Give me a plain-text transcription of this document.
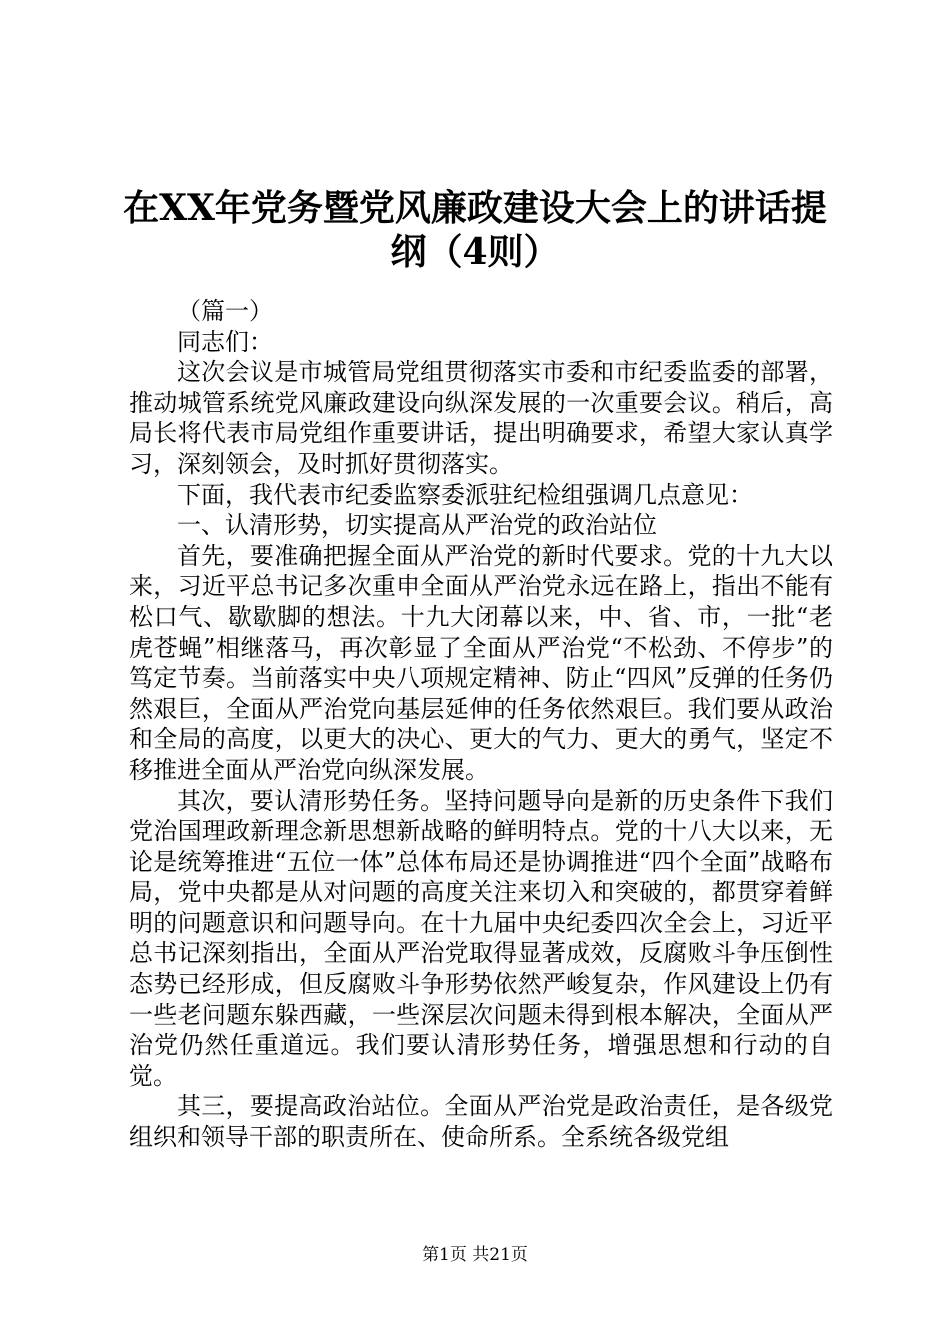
在XX年党务暨党风廉政建设大会上的讲话提
纲（4则）

（篇一）

同志们：

这次会议是市城管局党组贯彻落实市委和市纪委监委的部署，推动城管系统党风廉政建设向纵深发展的一次重要会议。稍后，高局长将代表市局党组作重要讲话，提出明确要求，希望大家认真学习，深刻领会，及时抓好贯彻落实。

下面，我代表市纪委监察委派驻纪检组强调几点意见：

一、认清形势，切实提高从严治党的政治站位

首先，要准确把握全面从严治党的新时代要求。党的十九大以来，习近平总书记多次重申全面从严治党永远在路上，指出不能有松口气、歇歇脚的想法。十九大闭幕以来，中、省、市，一批“老虎苍蝇”相继落马，再次彰显了全面从严治党“不松劲、不停步”的笃定节奏。当前落实中央八项规定精神、防止“四风”反弹的任务仍然艰巨，全面从严治党向基层延伸的任务依然艰巨。我们要从政治和全局的高度，以更大的决心、更大的气力、更大的勇气，坚定不移推进全面从严治党向纵深发展。

其次，要认清形势任务。坚持问题导向是新的历史条件下我们党治国理政新理念新思想新战略的鲜明特点。党的十八大以来，无论是统筹推进“五位一体”总体布局还是协调推进“四个全面”战略布局，党中央都是从对问题的高度关注来切入和突破的，都贯穿着鲜明的问题意识和问题导向。在十九届中央纪委四次全会上，习近平总书记深刻指出，全面从严治党取得显著成效，反腐败斗争压倒性态势已经形成，但反腐败斗争形势依然严峻复杂，作风建设上仍有一些老问题东躲西藏，一些深层次问题未得到根本解决，全面从严治党仍然任重道远。我们要认清形势任务，增强思想和行动的自觉。

其三，要提高政治站位。全面从严治党是政治责任，是各级党组织和领导干部的职责所在、使命所系。全系统各级党组

第1页 共21页
